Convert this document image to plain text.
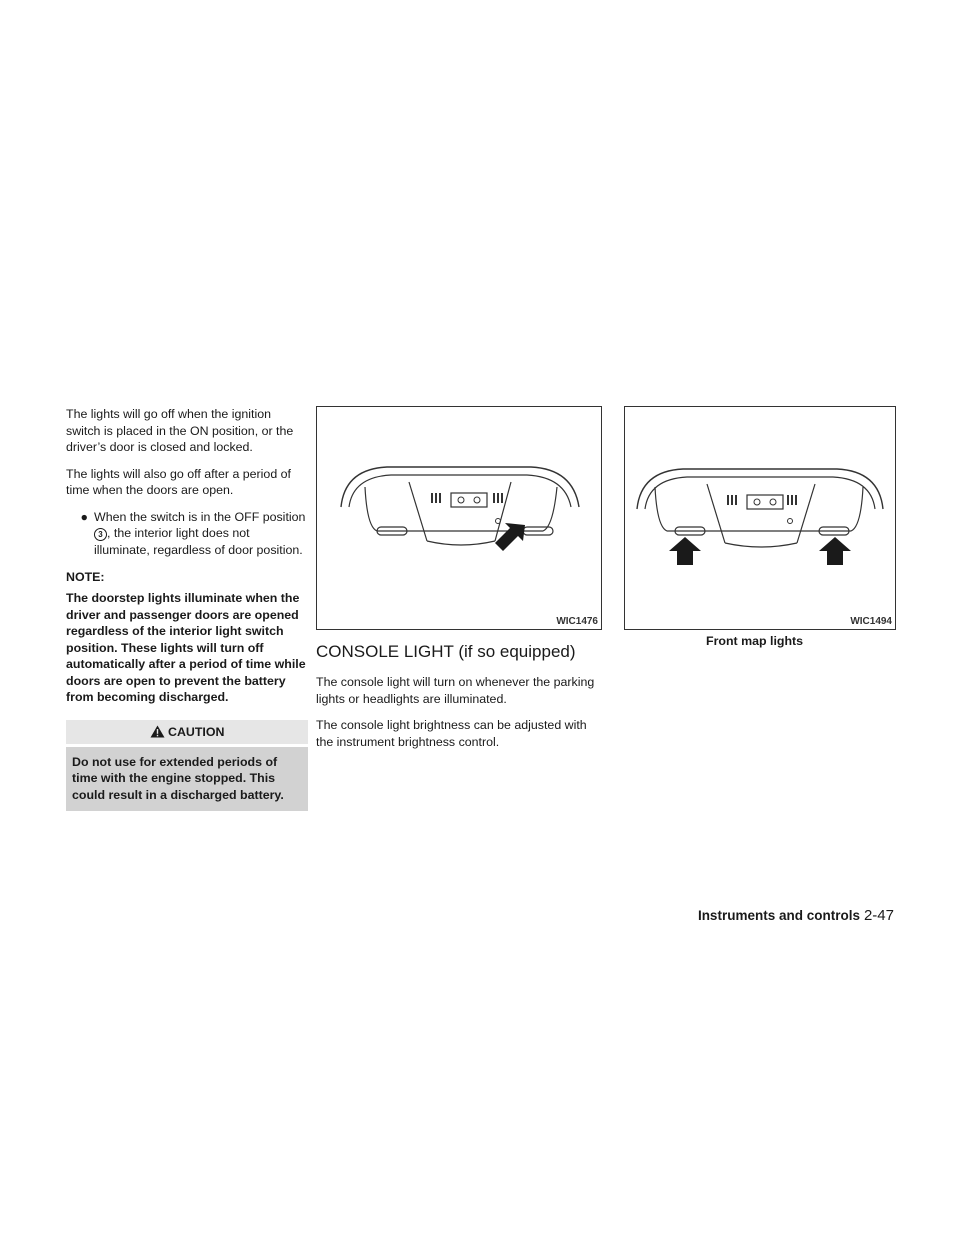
The lights will go off when the ignition switch is placed in the ON position, or the driver’s door is closed and locked.

The lights will also go off after a period of time when the doors are open.

● When the switch is in the OFF position3 , the interior light does not illuminate, regardless of door position.
NOTE:
The doorstep lights illuminate when the driver and passenger doors are opened regardless of the interior light switch position. These lights will turn off automatically after a period of time while doors are open to prevent the battery from becoming discharged.
CAUTION
Do not use for extended periods of time with the engine stopped. This could result in a discharged battery.
WIC1476
CONSOLE LIGHT (if so equipped)

The console light will turn on whenever the parking lights or headlights are illuminated.

The console light brightness can be adjusted with the instrument brightness control.

WIC1494
Front map lights
Instruments and controls 2-47
